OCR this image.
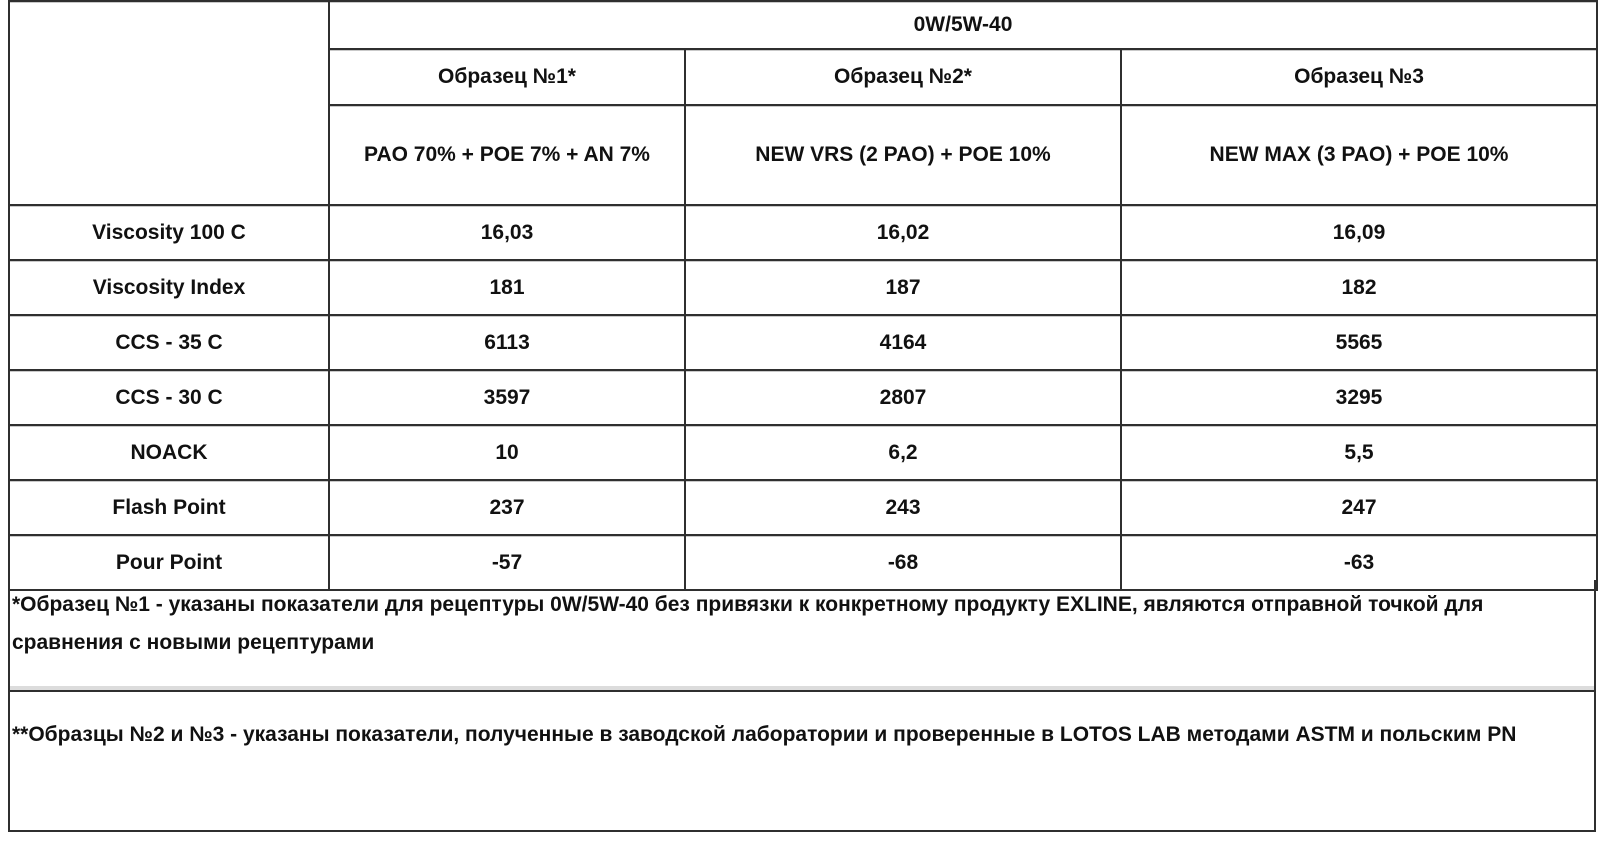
	0W/5W-40		
	Образец №1*	Образец №2*	Образец №3
	PAO 70% + POE 7% + AN 7%	NEW VRS (2 PAO) + POE 10%	NEW MAX (3 PAO) + POE 10%
Viscosity 100 C	16,03	16,02	16,09
Viscosity Index	181	187	182
CCS - 35 C	6113	4164	5565
CCS - 30 C	3597	2807	3295
NOACK	10	6,2	5,5
Flash Point	237	243	247
Pour Point	-57	-68	-63
*Образец №1 - указаны показатели для рецептуры 0W/5W-40 без привязки к конкретному продукту EXLINE, являются отправной точкой для сравнения с новыми рецептурами
**Образцы №2 и №3 - указаны показатели, полученные в заводской лаборатории и проверенные в LOTOS LAB методами ASTM и польским PN
